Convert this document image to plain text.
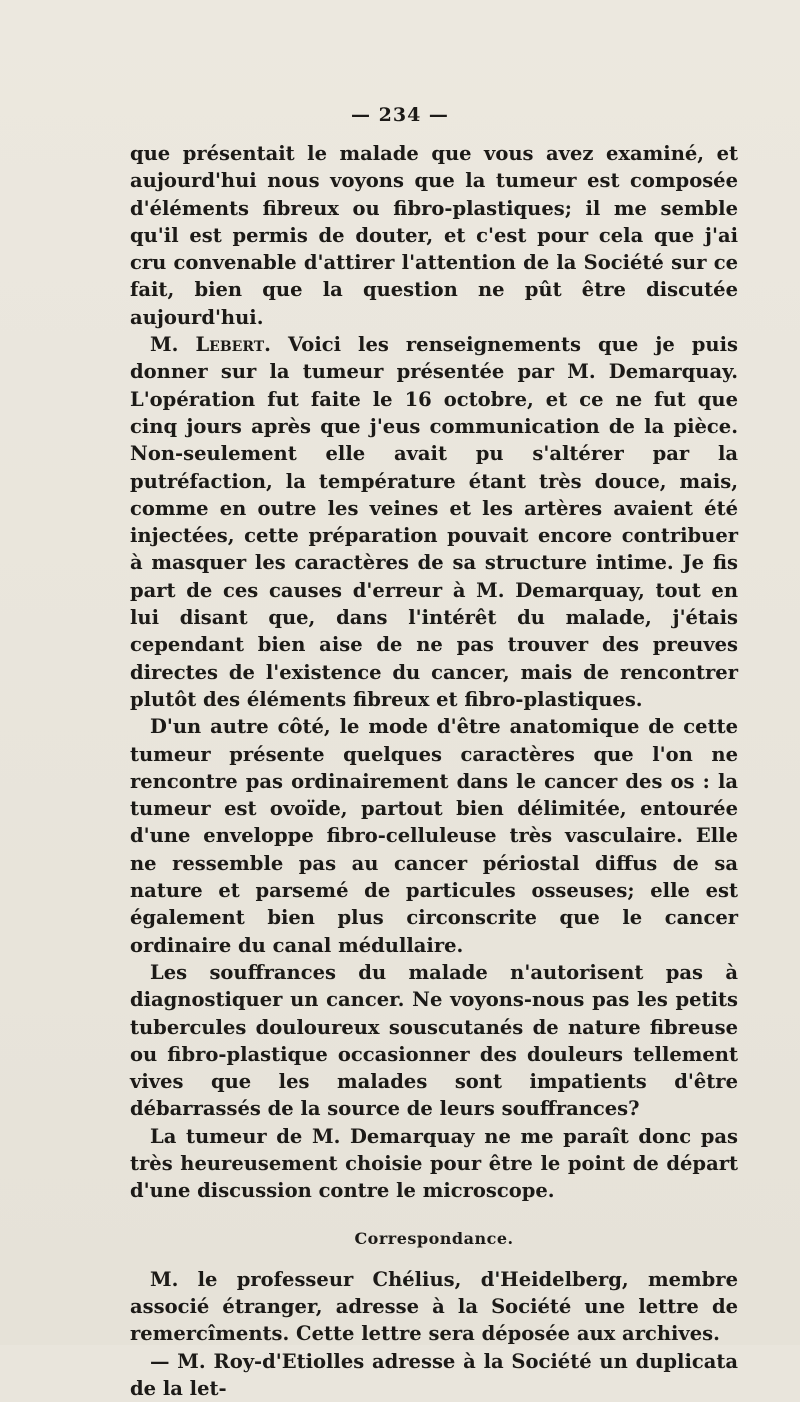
— 234 —

que présentait le malade que vous avez examiné, et aujourd'hui nous voyons que la tumeur est composée d'éléments fibreux ou fibro-plastiques; il me semble qu'il est permis de douter, et c'est pour cela que j'ai cru convenable d'attirer l'attention de la Société sur ce fait, bien que la question ne pût être discutée aujourd'hui.

M. Lebert. Voici les renseignements que je puis donner sur la tumeur présentée par M. Demarquay. L'opération fut faite le 16 octobre, et ce ne fut que cinq jours après que j'eus communication de la pièce. Non-seulement elle avait pu s'altérer par la putréfaction, la température étant très douce, mais, comme en outre les veines et les artères avaient été injectées, cette préparation pouvait encore contribuer à masquer les caractères de sa structure intime. Je fis part de ces causes d'erreur à M. Demarquay, tout en lui disant que, dans l'intérêt du malade, j'étais cependant bien aise de ne pas trouver des preuves directes de l'existence du cancer, mais de rencontrer plutôt des éléments fibreux et fibro-plastiques.

D'un autre côté, le mode d'être anatomique de cette tumeur présente quelques caractères que l'on ne rencontre pas ordinairement dans le cancer des os : la tumeur est ovoïde, partout bien délimitée, entourée d'une enveloppe fibro-celluleuse très vasculaire. Elle ne ressemble pas au cancer périostal diffus de sa nature et parsemé de particules osseuses; elle est également bien plus circonscrite que le cancer ordinaire du canal médullaire.

Les souffrances du malade n'autorisent pas à diagnostiquer un cancer. Ne voyons-nous pas les petits tubercules douloureux souscutanés de nature fibreuse ou fibro-plastique occasionner des douleurs tellement vives que les malades sont impatients d'être débarrassés de la source de leurs souffrances?

La tumeur de M. Demarquay ne me paraît donc pas très heureusement choisie pour être le point de départ d'une discussion contre le microscope.

Correspondance.

M. le professeur Chélius, d'Heidelberg, membre associé étranger, adresse à la Société une lettre de remercîments. Cette lettre sera déposée aux archives.

— M. Roy-d'Etiolles adresse à la Société un duplicata de la let-
